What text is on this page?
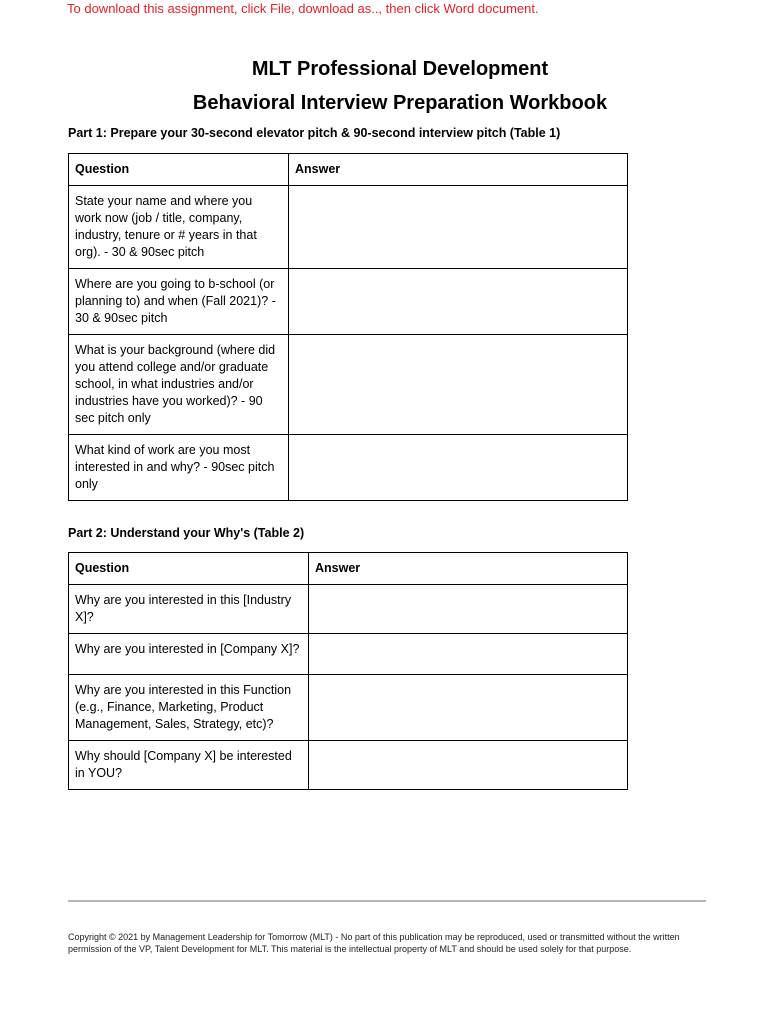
To download this assignment, click File, download as.., then click Word document.
MLT Professional Development
Behavioral Interview Preparation Workbook
Part 1: Prepare your 30-second elevator pitch & 90-second interview pitch (Table 1)
Question	Answer
State your name and where you work now (job / title, company, industry, tenure or # years in that org). - 30 & 90sec pitch	
Where are you going to b-school (or planning to) and when (Fall 2021)? - 30 & 90sec pitch	
What is your background (where did you attend college and/or graduate school, in what industries and/or industries have you worked)? - 90 sec pitch only	
What kind of work are you most interested in and why? - 90sec pitch only	
Part 2: Understand your Why's (Table 2)
Question	Answer
Why are you interested in this [Industry X]?	
Why are you interested in [Company X]?	
Why are you interested in this Function (e.g., Finance, Marketing, Product Management, Sales, Strategy, etc)?	
Why should [Company X] be interested in YOU?	
Copyright © 2021 by Management Leadership for Tomorrow (MLT) - No part of this publication may be reproduced, used or transmitted without the written permission of the VP, Talent Development for MLT. This material is the intellectual property of MLT and should be used solely for that purpose.
